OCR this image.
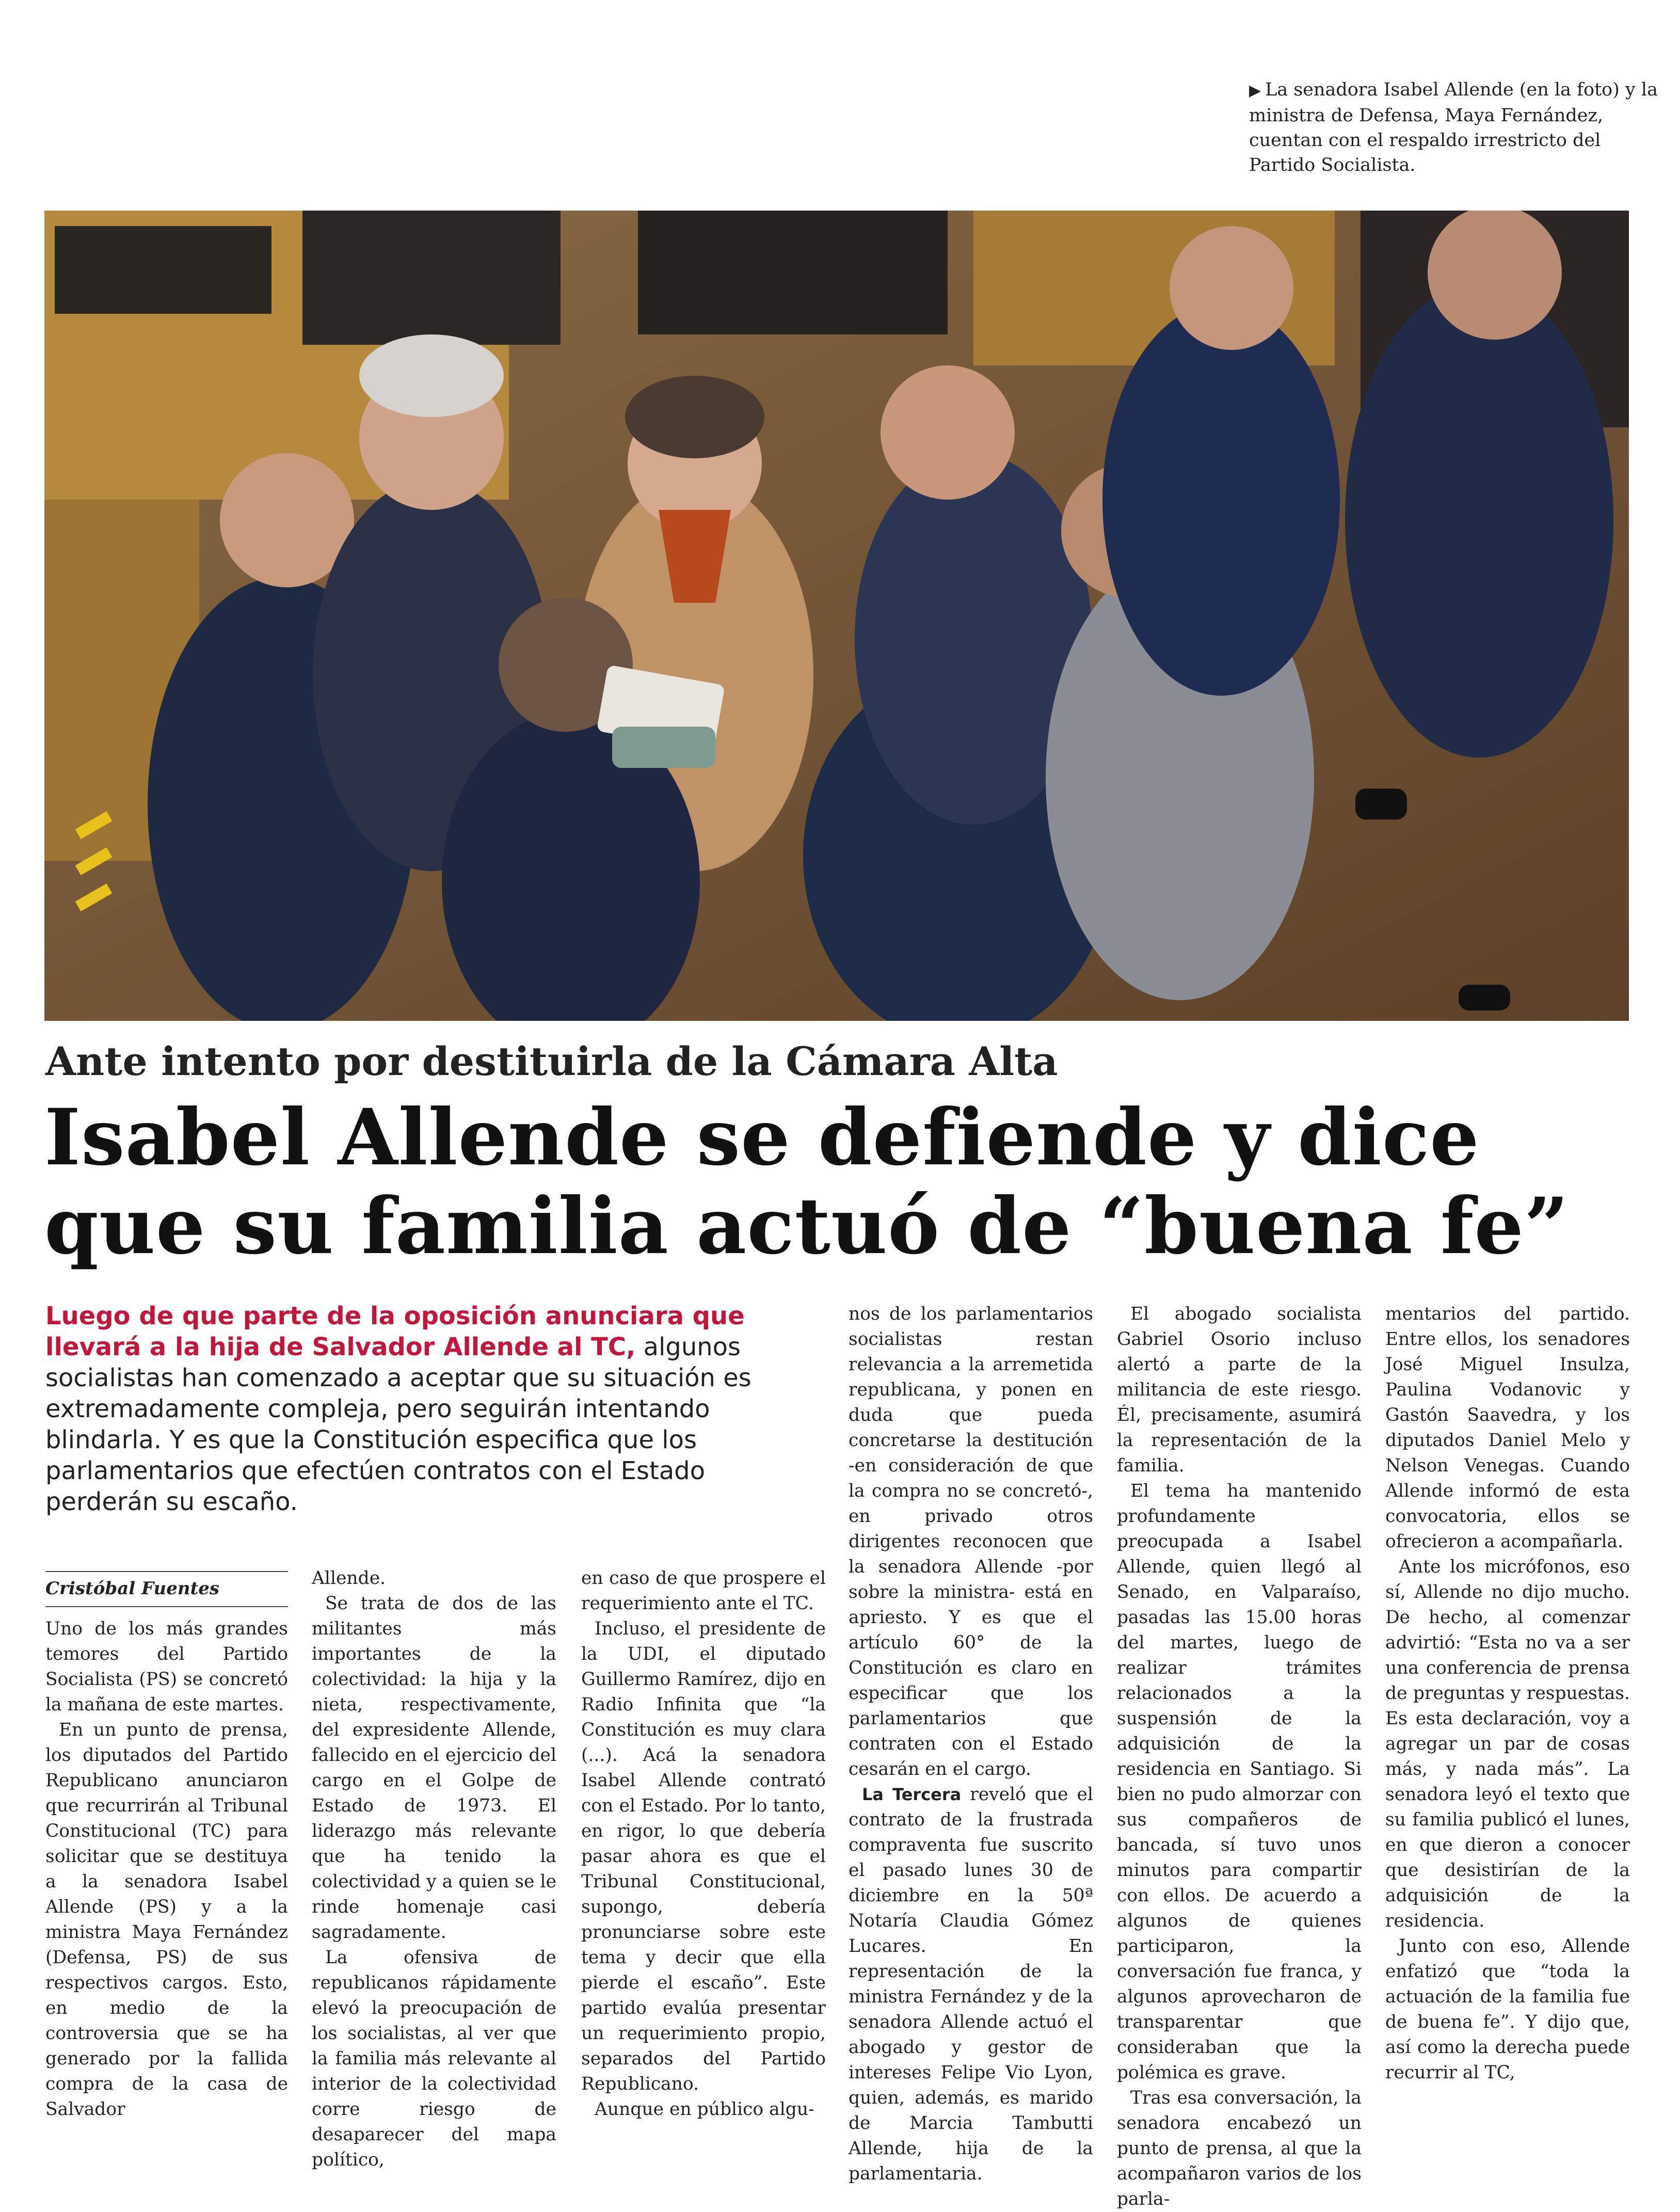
▶ La senadora Isabel Allende (en la foto) y la ministra de Defensa, Maya Fernández, cuentan con el respaldo irrestricto del Partido Socialista.
Ante intento por destituirla de la Cámara Alta
Isabel Allende se defiende y dice
que su familia actuó de “buena fe”
Luego de que parte de la oposición anunciara que llevará a la hija de Salvador Allende al TC, algunos socialistas han comenzado a aceptar que su situación es extremadamente compleja, pero seguirán intentando blindarla. Y es que la Constitución especifica que los parlamentarios que efectúen contratos con el Estado perderán su escaño.
Cristóbal Fuentes

Uno de los más grandes temores del Partido Socialista (PS) se concretó la mañana de este martes.

En un punto de prensa, los diputados del Partido Republicano anunciaron que recurrirán al Tribunal Constitucional (TC) para solicitar que se destituya a la senadora Isabel Allende (PS) y a la ministra Maya Fernández (Defensa, PS) de sus respectivos cargos. Esto, en medio de la controversia que se ha generado por la fallida compra de la casa de Salvador

Allende.

Se trata de dos de las militantes más importantes de la colectividad: la hija y la nieta, respectivamente, del expresidente Allende, fallecido en el ejercicio del cargo en el Golpe de Estado de 1973. El liderazgo más relevante que ha tenido la colectividad y a quien se le rinde homenaje casi sagradamente.

La ofensiva de republicanos rápidamente elevó la preocupación de los socialistas, al ver que la familia más relevante al interior de la colectividad corre riesgo de desaparecer del mapa político,

en caso de que prospere el requerimiento ante el TC.

Incluso, el presidente de la UDI, el diputado Guillermo Ramírez, dijo en Radio Infinita que “la Constitución es muy clara (...). Acá la senadora Isabel Allende contrató con el Estado. Por lo tanto, en rigor, lo que debería pasar ahora es que el Tribunal Constitucional, supongo, debería pronunciarse sobre este tema y decir que ella pierde el escaño”. Este partido evalúa presentar un requerimiento propio, separados del Partido Republicano.

Aunque en público algu-

nos de los parlamentarios socialistas restan relevancia a la arremetida republicana, y ponen en duda que pueda concretarse la destitución -en consideración de que la compra no se concretó-, en privado otros dirigentes reconocen que la senadora Allende -por sobre la ministra- está en apriesto. Y es que el artículo 60° de la Constitución es claro en especificar que los parlamentarios que contraten con el Estado cesarán en el cargo.

La Tercera reveló que el contrato de la frustrada compraventa fue suscrito el pasado lunes 30 de diciembre en la 50ª Notaría Claudia Gómez Lucares. En representación de la ministra Fernández y de la senadora Allende actuó el abogado y gestor de intereses Felipe Vio Lyon, quien, además, es marido de Marcia Tambutti Allende, hija de la parlamentaria.

El abogado socialista Gabriel Osorio incluso alertó a parte de la militancia de este riesgo. Él, precisamente, asumirá la representación de la familia.

El tema ha mantenido profundamente preocupada a Isabel Allende, quien llegó al Senado, en Valparaíso, pasadas las 15.00 horas del martes, luego de realizar trámites relacionados a la suspensión de la adquisición de la residencia en Santiago. Si bien no pudo almorzar con sus compañeros de bancada, sí tuvo unos minutos para compartir con ellos. De acuerdo a algunos de quienes participaron, la conversación fue franca, y algunos aprovecharon de transparentar que consideraban que la polémica es grave.

Tras esa conversación, la senadora encabezó un punto de prensa, al que la acompañaron varios de los parla-

mentarios del partido. Entre ellos, los senadores José Miguel Insulza, Paulina Vodanovic y Gastón Saavedra, y los diputados Daniel Melo y Nelson Venegas. Cuando Allende informó de esta convocatoria, ellos se ofrecieron a acompañarla.

Ante los micrófonos, eso sí, Allende no dijo mucho. De hecho, al comenzar advirtió: “Esta no va a ser una conferencia de prensa de preguntas y respuestas. Es esta declaración, voy a agregar un par de cosas más, y nada más”. La senadora leyó el texto que su familia publicó el lunes, en que dieron a conocer que desistirían de la adquisición de la residencia.

Junto con eso, Allende enfatizó que “toda la actuación de la familia fue de buena fe”. Y dijo que, así como la derecha puede recurrir al TC,
